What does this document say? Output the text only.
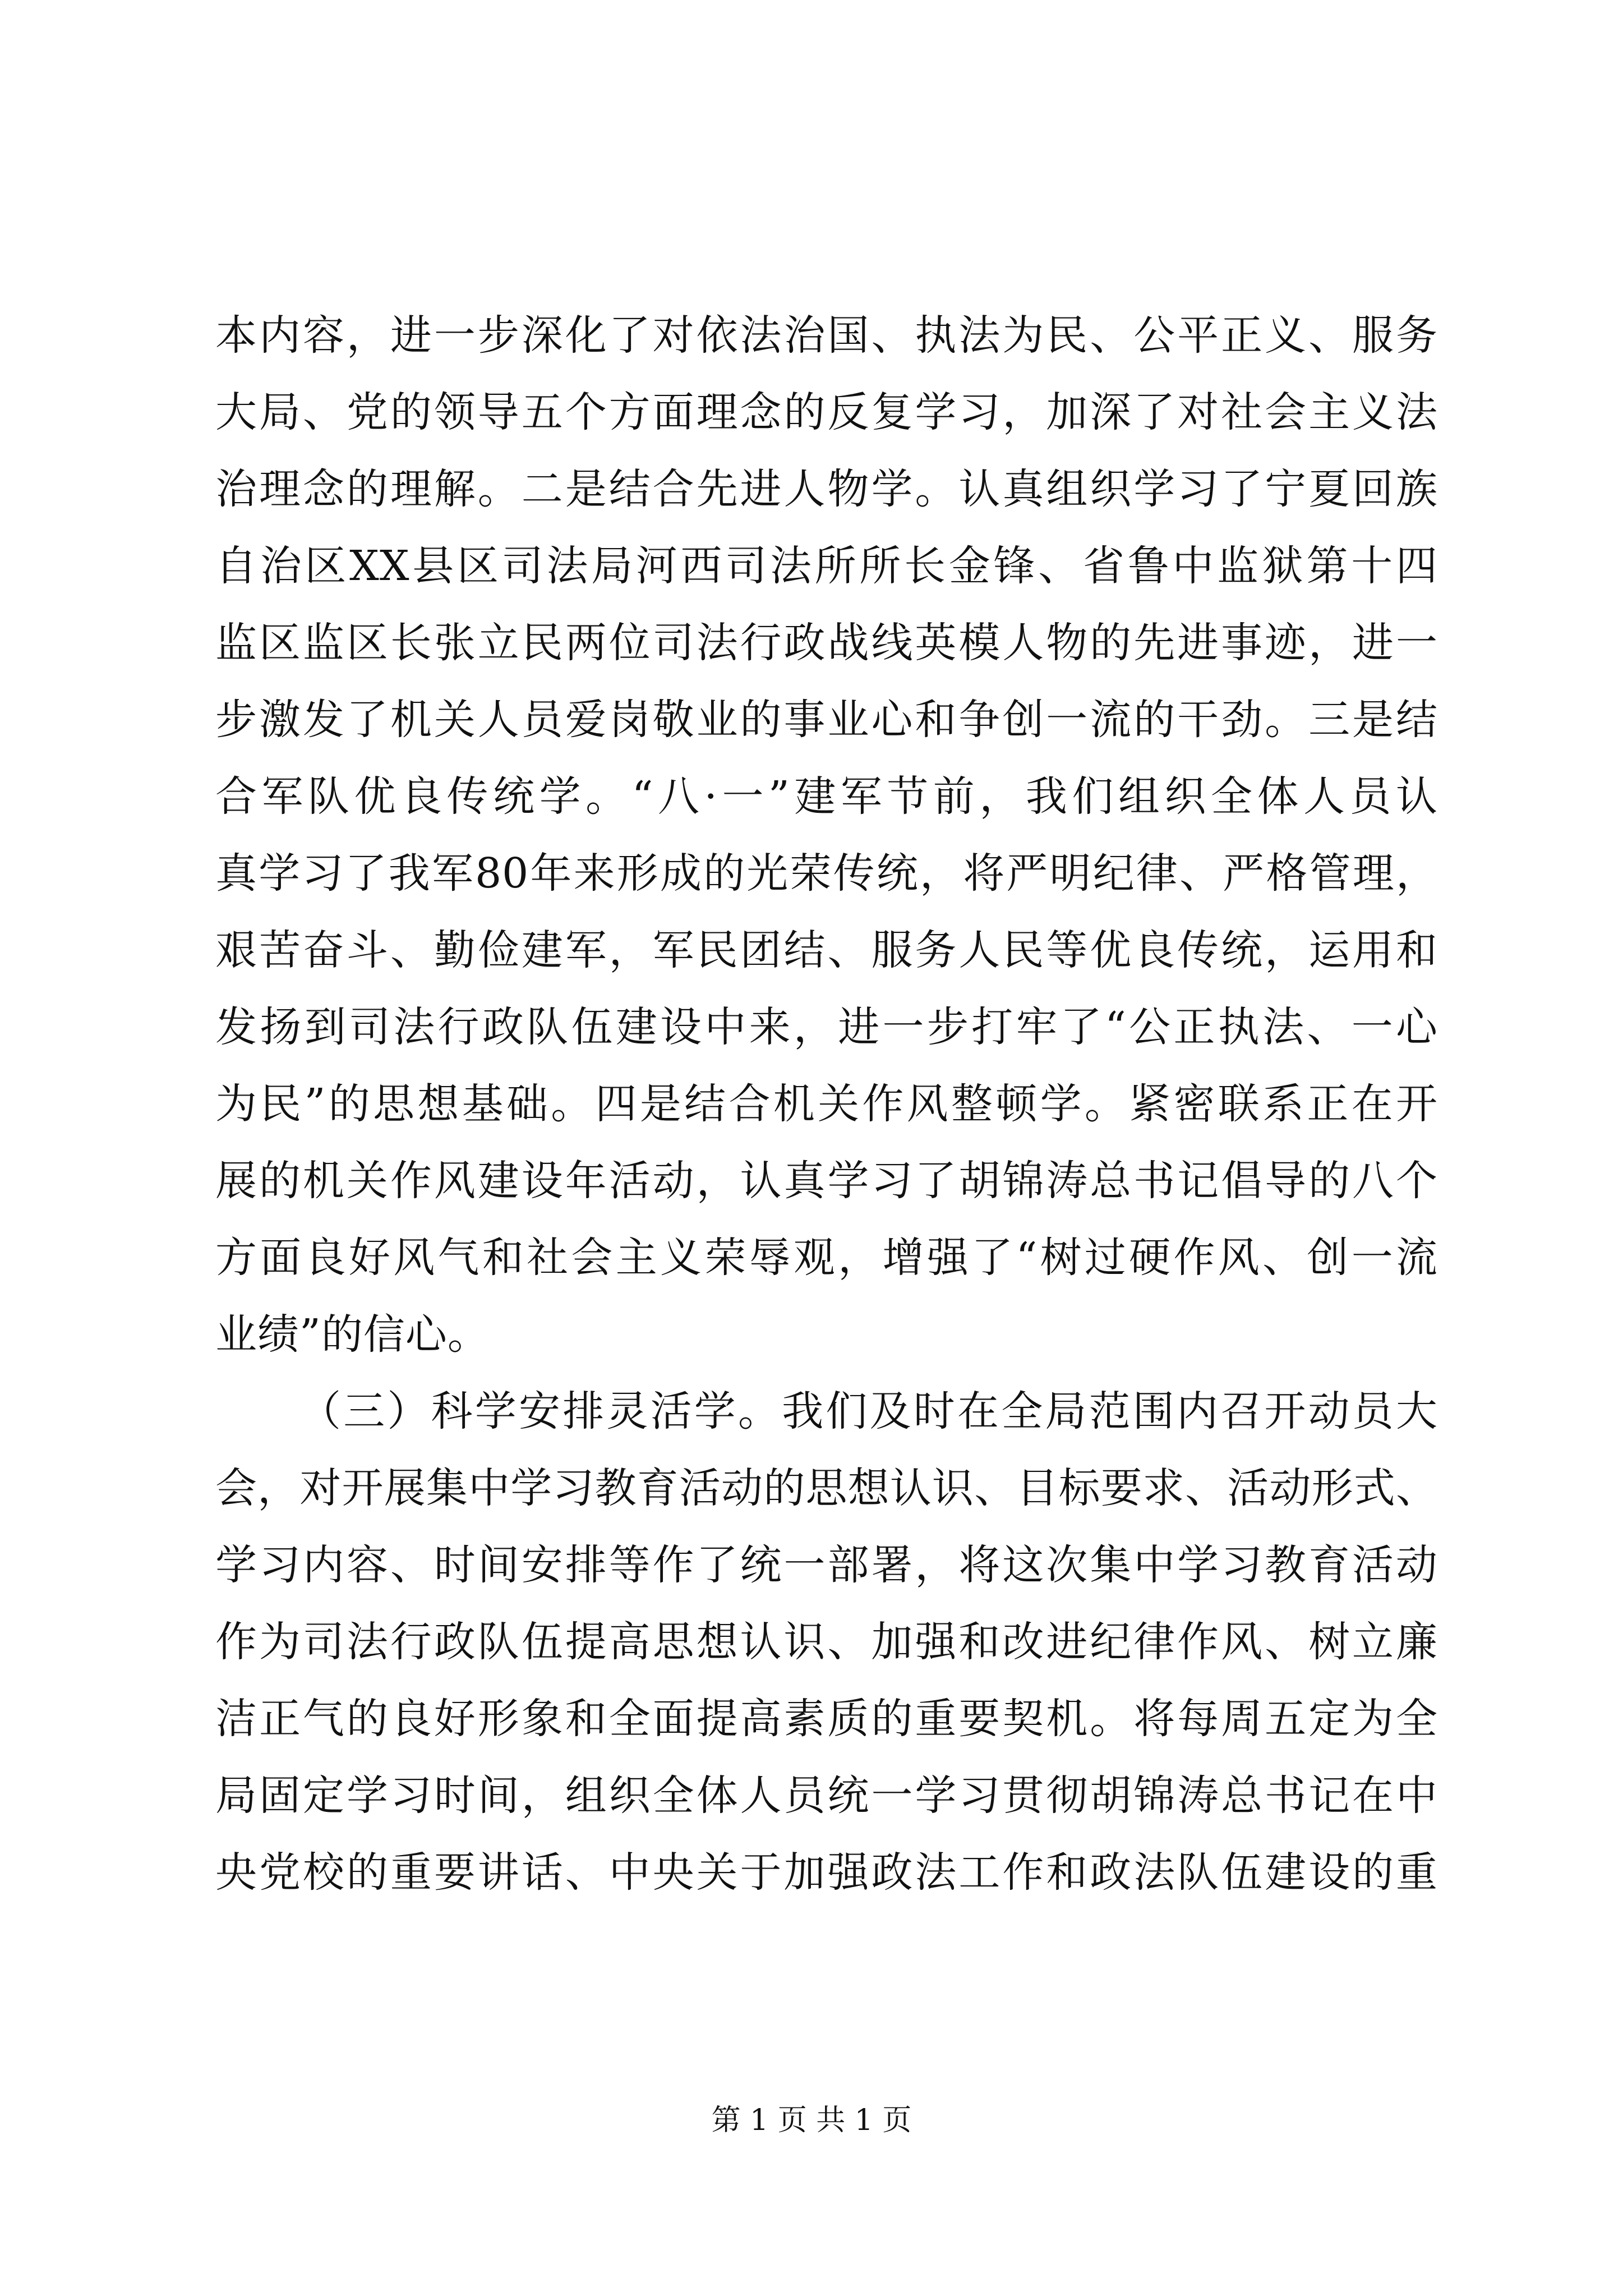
本内容，进一步深化了对依法治国、执法为民、公平正义、服务
大局、党的领导五个方面理念的反复学习，加深了对社会主义法
治理念的理解。二是结合先进人物学。认真组织学习了宁夏回族
自治区XX县区司法局河西司法所所长金锋、省鲁中监狱第十四
监区监区长张立民两位司法行政战线英模人物的先进事迹，进一
步激发了机关人员爱岗敬业的事业心和争创一流的干劲。三是结
合军队优良传统学。“八·一”建军节前，我们组织全体人员认
真学习了我军80年来形成的光荣传统，将严明纪律、严格管理，
艰苦奋斗、勤俭建军，军民团结、服务人民等优良传统，运用和
发扬到司法行政队伍建设中来，进一步打牢了“公正执法、一心
为民”的思想基础。四是结合机关作风整顿学。紧密联系正在开
展的机关作风建设年活动，认真学习了胡锦涛总书记倡导的八个
方面良好风气和社会主义荣辱观，增强了“树过硬作风、创一流
业绩”的信心。
（三）科学安排灵活学。我们及时在全局范围内召开动员大
会，对开展集中学习教育活动的思想认识、目标要求、活动形式、
学习内容、时间安排等作了统一部署，将这次集中学习教育活动
作为司法行政队伍提高思想认识、加强和改进纪律作风、树立廉
洁正气的良好形象和全面提高素质的重要契机。将每周五定为全
局固定学习时间，组织全体人员统一学习贯彻胡锦涛总书记在中
央党校的重要讲话、中央关于加强政法工作和政法队伍建设的重
第 1 页 共 1 页
